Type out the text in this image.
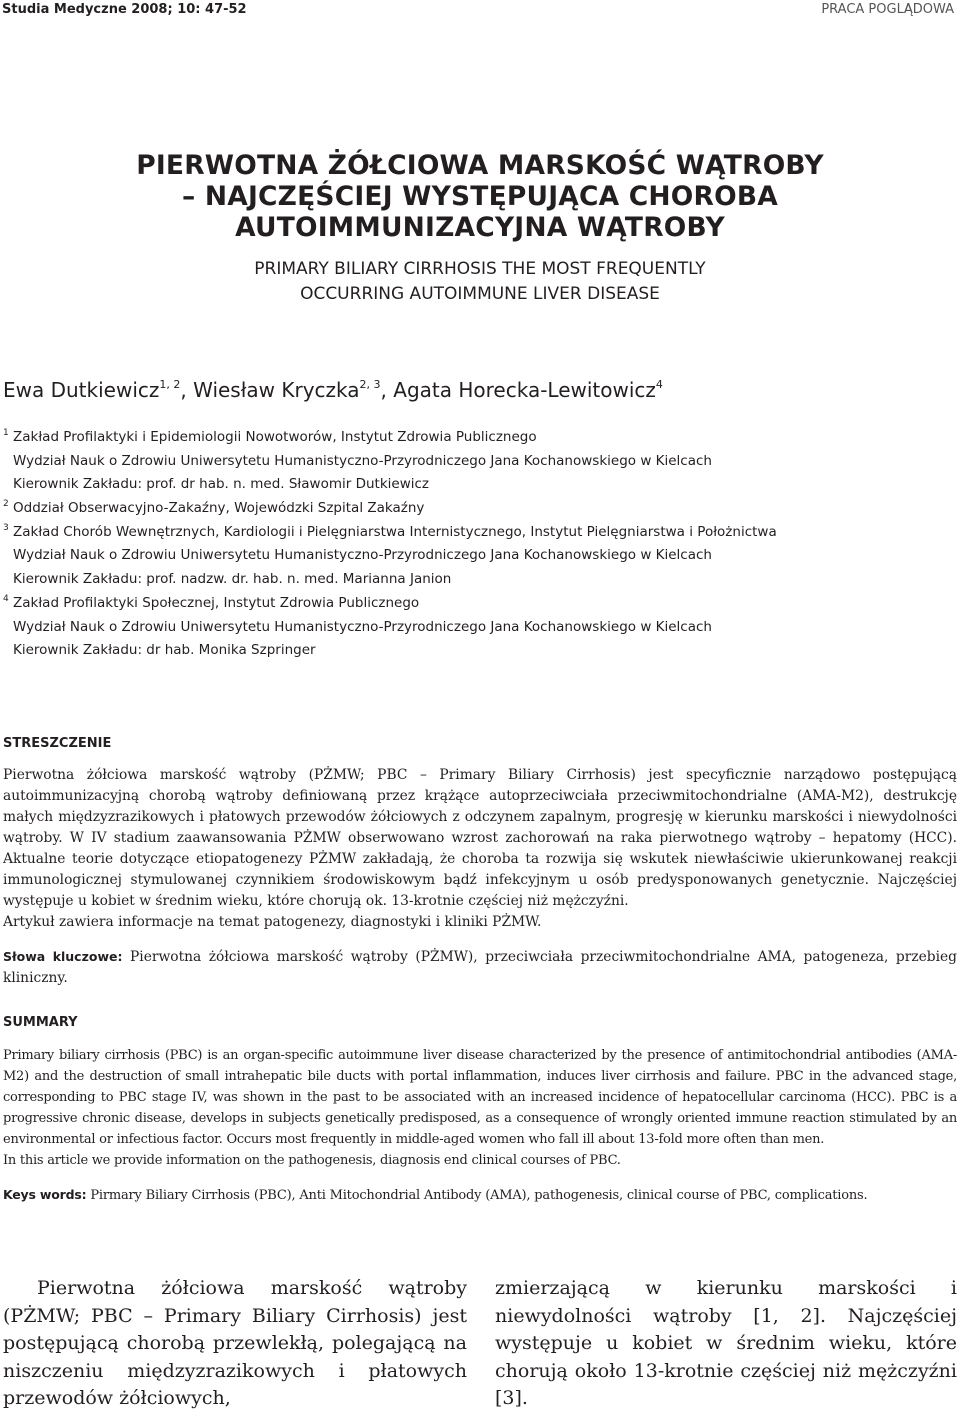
Studia Medyczne 2008; 10: 47-52	PRACA POGLĄDOWA
PIERWOTNA ŻÓŁCIOWA MARSKOŚĆ WĄTROBY
– NAJCZĘŚCIEJ WYSTĘPUJĄCA CHOROBA
AUTOIMMUNIZACYJNA WĄTROBY
PRIMARY BILIARY CIRRHOSIS THE MOST FREQUENTLY
OCCURRING AUTOIMMUNE LIVER DISEASE
Ewa Dutkiewicz$^{1, 2}$, Wiesław Kryczka$^{2, 3}$, Agata Horecka-Lewitowicz$^4$
1 Zakład Profilaktyki i Epidemiologii Nowotworów, Instytut Zdrowia Publicznego
Wydział Nauk o Zdrowiu Uniwersytetu Humanistyczno-Przyrodniczego Jana Kochanowskiego w Kielcach
Kierownik Zakładu: prof. dr hab. n. med. Sławomir Dutkiewicz
2 Oddział Obserwacyjno-Zakaźny, Wojewódzki Szpital Zakaźny
3 Zakład Chorób Wewnętrznych, Kardiologii i Pielęgniarstwa Internistycznego, Instytut Pielęgniarstwa i Położnictwa
Wydział Nauk o Zdrowiu Uniwersytetu Humanistyczno-Przyrodniczego Jana Kochanowskiego w Kielcach
Kierownik Zakładu: prof. nadzw. dr. hab. n. med. Marianna Janion
4 Zakład Profilaktyki Społecznej, Instytut Zdrowia Publicznego
Wydział Nauk o Zdrowiu Uniwersytetu Humanistyczno-Przyrodniczego Jana Kochanowskiego w Kielcach
Kierownik Zakładu: dr hab. Monika Szpringer
STRESZCZENIE

Pierwotna żółciowa marskość wątroby (PŻMW; PBC – Primary Biliary Cirrhosis) jest specyficznie narządowo postępującą autoimmunizacyjną chorobą wątroby definiowaną przez krążące autoprzeciwciała przeciwmitochondrialne (AMA-M2), destrukcję małych międzyzrazikowych i płatowych przewodów żółciowych z odczynem zapalnym, progresję w kierunku marskości i niewydolności wątroby. W IV stadium zaawansowania PŻMW obserwowano wzrost zachorowań na raka pierwotnego wątroby – hepatomy (HCC). Aktualne teorie dotyczące etiopatogenezy PŻMW zakładają, że choroba ta rozwija się wskutek niewłaściwie ukierunkowanej reakcji immunologicznej stymulowanej czynnikiem środowiskowym bądź infekcyjnym u osób predysponowanych genetycznie. Najczęściej występuje u kobiet w średnim wieku, które chorują ok. 13-krotnie częściej niż mężczyźni.

Artykuł zawiera informacje na temat patogenezy, diagnostyki i kliniki PŻMW.

Słowa kluczowe: Pierwotna żółciowa marskość wątroby (PŻMW), przeciwciała przeciwmitochondrialne AMA, patogeneza, przebieg kliniczny.
SUMMARY

Primary biliary cirrhosis (PBC) is an organ-specific autoimmune liver disease characterized by the presence of antimitochondrial antibodies (AMA-M2) and the destruction of small intrahepatic bile ducts with portal inflammation, induces liver cirrhosis and failure. PBC in the advanced stage, corresponding to PBC stage IV, was shown in the past to be associated with an increased incidence of hepatocellular carcinoma (HCC). PBC is a progressive chronic disease, develops in subjects genetically predisposed, as a consequence of wrongly oriented immune reaction stimulated by an environmental or infectious factor. Occurs most frequently in middle-aged women who fall ill about 13-fold more often than men.

In this article we provide information on the pathogenesis, diagnosis end clinical courses of PBC.

Keys words: Pirmary Biliary Cirrhosis (PBC), Anti Mitochondrial Antibody (AMA), pathogenesis, clinical course of PBC, complications.
Pierwotna żółciowa marskość wątroby (PŻMW; PBC – Primary Biliary Cirrhosis) jest postępującą chorobą przewlekłą, polegającą na niszczeniu międzyzrazikowych i płatowych przewodów żółciowych,
zmierzającą w kierunku marskości i niewydolności wątroby [1, 2]. Najczęściej występuje u kobiet w średnim wieku, które chorują około 13-krotnie częściej niż mężczyźni [3].
